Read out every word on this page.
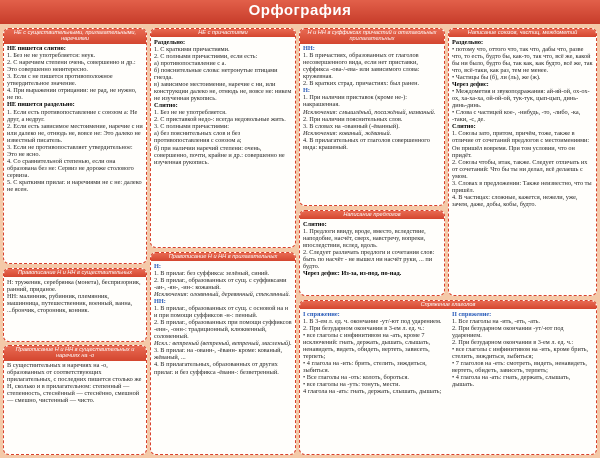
Орфография
НЕ с существительными, прилагательными, наречиями

НЕ пишется слитно:

1. Без не не употребляется: неук.

2. С наречием степени очень, совершенно и др.: Это совершенно неинтересно.

3. Если с не пишется противоположное утвердительное значение.

4. При выражении отрицании: не рад, не нужно, не по.

НЕ пишется раздельно:

1. Если есть противопоставление с союзом а: Не друг, а недруг.

2. Если есть зависимое местоимение, наречие с ни или далеко не, отнюдь не, вовсе не: Это далеко не известный писатель.

3. Если не противопоставляет утвердительное: Это не ясно.

4. Со сравнительной степенью, если она образована без не: Сервиз не дороже столового сервиза.

5. С краткими прилаг. и наречиями не с не: далеко не ясен.

Правописание Н и НН в существительных

Н: труженик, серебрянка (монета), беспризорник, ранний, приданое.

НН: малинник, рубинник, племянник, машинница, путешественник, военный, ванна, ...брончик, сторонник, конник.

Правописание Н и НН в существительных и наречиях на -о

В существительных и наречиях на -о, образованных от соответствующих прилагательных, с последних пишется столько же Н, сколько и в прилагательном: степенный — степенность, стеснённый — стеснённо, смешной — смешно, чистенный — чисто.

НЕ с причастиями

Раздельно:

1. С краткими причастиями.

2. С полными причастиями, если есть:

а) противопоставление с а.

б) пояснительные слова: нетронутые птицами гнезда.

в) зависимое местоимение, наречие с ни, или конструкции далеко не, отнюдь не, вовсе не: никем не изученная рукопись.

Слитно:

1. Без не не употребляется.

2. С приставкой недо-: всегда недовольные жить.

3. С полными причастиями:

а) без пояснительных слов и без противопоставления с союзом а;

б) при наличии наречий степени: очень, совершенно, почти, крайне и др.: совершенно не изученная рукопись.

Правописание Н и НН в прилагательных

Н:

1. В прилаг. без суффикса: зелёный, синий.

2. В прилаг., образованных от сущ. с суффиксами -ан-, -ян-, -ин-: кожаный.

Исключения: оловянный, деревянный, стеклянный.

НН:

1. В прилаг., образованных от сущ. с основой на н и при помощи суффиксов -н-: пенный.

2. В прилаг., образованных при помощи суффиксов -енн-, -онн-: традиционный, клюквенный, соломенный.

Искл.: ветреный (ветреный, ветреный, масленый).

3. В прилаг. на -ованн-, -ёванн- кроме: кованый, жёваный, ...

4. В прилагательных, образованных от других прилаг. и без суффикса -ёванн-: безветренный.

Н и НН в суффиксах причастий и отглагольных прилагательных

НН:

1. В причастиях, образованных от глаголов несовершенного вида, если нет приставки, суффикса -ова-/-ева- или зависимого слова: кружевная.

2. В кратких страд. причастиях: был ранен.

Н:

1. При наличии приставок (кроме не-): накрашенная.

Исключения: смышлёный, посажёный, названый.

2. При наличии пояснительных слов.

3. В словах на -ованный (-ёванный).

Исключения: кованый, жёваный.

4. В прилагательных от глаголов совершенного вида: крашеный.

Написание предлогов

Слитно:

1. Предлоги ввиду, вроде, вместо, вследствие, наподобие, насчёт, сверх, навстречу, вопреки, впоследствии, вслед, вдоль.

2. Следует различать предлоги и сочетания слов: быть по насчёт - не вышел ни насчёт руки, ... пи будто.

Через дефис: Из-за, из-под, по-над.

Написание союзов, частиц, междометий

Раздельно:

• потому что, оттого что, так что, дабы что, разве что, то есть, будто бы, как-то, так что, всё же, какой бы ни было, будто бы, так как, как будто, всё же, так что, всё-таки, как раз, тем не менее.

• Частицы бы (б), ли (ль), же (ж).

Через дефис:

• Междометия и звукоподражания: ай-яй-ой, ох-ох-ох, ха-ха-ха, ой-ой-ой, тук-тук, цып-цып, динь-динь-динь.

• Слова с частицей кое-, -нибудь, -то, -либо, -ка, -таки, -с, де.

Слитно:

1. Союзы зато, притом, причём, тоже, также в отличие от сочетаний предлогов с местоимениями: Он пришёл вовремя. При том условии, что он придёт.

2. Союзы чтобы, итак, также. Следует отличать их от сочетаний: Что бы ты ни делал, всё делаешь с умом.

3. Словах в предложении: Также неизвестно, что ты пришёл.

4. В частицах: сложные, кажется, нежели, уже, зачем, даже, добы, кобы, будто.

Спряжение глаголов

I спряжение:

1. В 3-ем л. ед. ч. окончание -ут/-ют под ударением.

2. При безударном окончании в 3-ем л. ед. ч.:

• все глаголы с инфинитивом на -ать, кроме 7 исключений: гнать, держать, дышать, слышать, ненавидеть, видеть, обидеть, вертеть, зависеть, терпеть;

• 4 глагола на -ить: брить, стелить, зиждиться, зыбиться.

• Все глаголы на -оть: колоть, бороться.

• все глаголы на -уть: тонуть, мести.

4 глагола на -ать: гнать, держать, слышать, дышать;

II спряжение:

1. Все глаголы на -ить, -еть, -ать.

2. При безударном окончании -ут/-ют под ударением.

2. При безударном окончании в 3-ем л. ед. ч.:

• все глаголы с инфинитивом на -ить, кроме брить, стелить, зиждиться, зыбиться;

• 7 глаголов на -еть: смотреть, видеть, ненавидеть, вертеть, обидеть, зависеть, терпеть;

• 4 глагола на -ать: гнать, держать, слышать, дышать.
